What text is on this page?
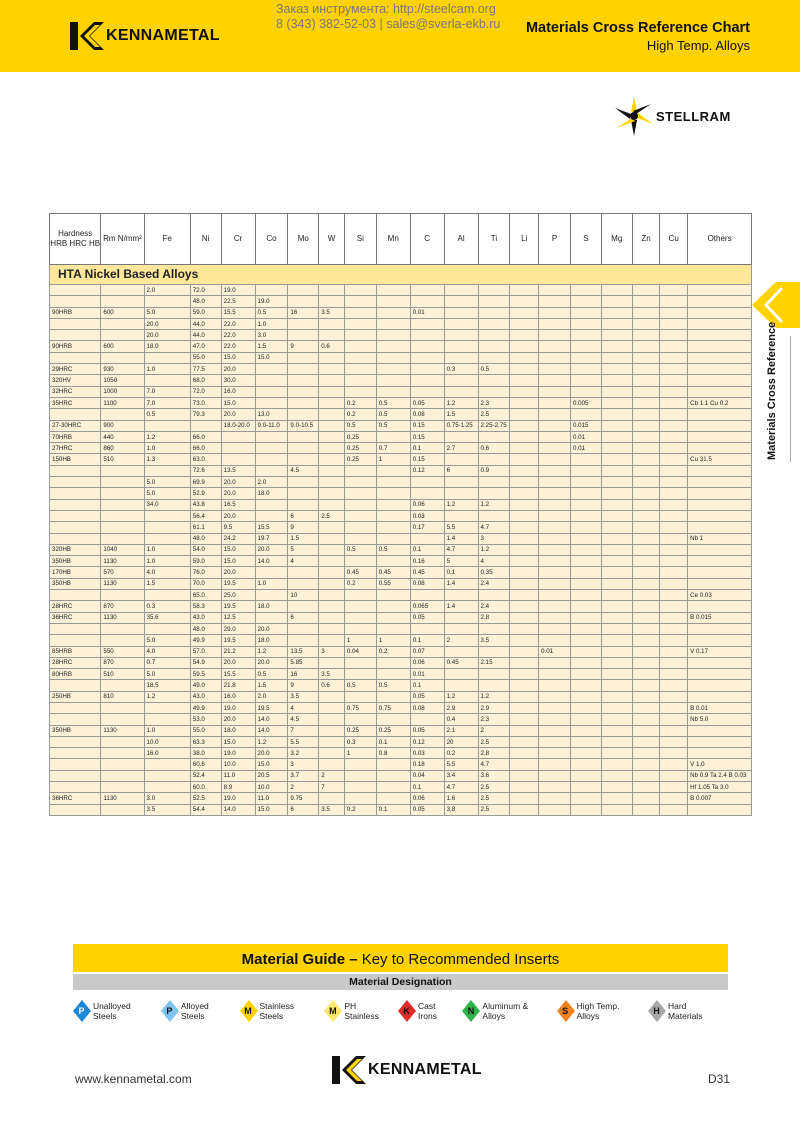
KENNAMETAL
Заказ инструмента: http://steelcam.org
8 (343) 382-52-03 | sales@sverla-ekb.ru Materials Cross Reference Chart
High Temp. Alloys
STELLRAM
Materials Cross Reference
Hardness HRB HRC HB	Rm N/mm²	Fe	Ni	Cr	Co	Mo	W	Si	Mn	C	Al	Ti	Li	P	S	Mg	Zn	Cu	Others
HTA Nickel Based Alloys																			
		2.0	72.0	19.0															
			48.0	22.5	19.0														
90HRB	600	5.0	59.0	15.5	0.5	16	3.5			0.01									
		20.0	44.0	22.0	1.0														
		20.0	44.0	22.0	3.0														
90HRB	600	18.0	47.0	22.0	1.5	9	0.6												
			55.0	15.0	15.0														
29HRC	930	1.0	77.5	20.0							0.3	0.5							
320HV	1050		68.0	30.0															
32HRC	1000	7.0	72.0	16.0															
35HRC	1100	7.0	73.0	15.0				0.2	0.5	0.05	1.2	2.3			0.005				Cb 1.1 Cu 0.2
		0.5	79.3	20.0	13.0			0.2	0.5	0.08	1.5	2.5							
27-30HRC	900			18.0-20.0	9.0-11.0	9.0-10.5		0.5	0.5	0.15	0.75-1.25	2.25-2.75			0.015				
70HRB	440	1.2	66.0					0.25		0.15					0.01				
27HRC	860	1.0	66.0					0.25	0.7	0.1	2.7	0.6			0.01				
150HB	510	1.3	63.0					0.25	1	0.15									Cu 31.5
			72.6	13.5		4.5				0.12	6	0.9							
		5.0	69.9	20.0	2.0														
		5.0	52.9	20.0	18.0														
		34.0	43.8	16.5						0.06	1.2	1.2							
			56.4	20.0		6	2.5			0.03									
			61.1	9.5	15.5	9				0.17	5.5	4.7							
			48.0	24.2	19.7	1.5					1.4	3							Nb 1
320HB	1040	1.0	54.0	15.0	20.0	5		0.5	0.5	0.1	4.7	1.2							
350HB	1130	1.0	59.0	15.0	14.0	4				0.16	5	4							
170HB	570	4.0	76.0	20.0				0.45	0.45	0.45	0.1	0.35							
350HB	1130	1.5	70.0	19.5	1.0			0.2	0.55	0.08	1.4	2.4							
			65.0	25.0		10													Ce 0.03
28HRC	870	0.3	58.3	19.5	18.0					0.065	1.4	2.4							
36HRC	1130	35.6	43.0	12.5		6				0.05		2.8							B 0.015
			48.0	29.0	20.0														
		5.0	49.9	19.5	18.0			1	1	0.1	2	3.5							
85HRB	550	4.0	57.0	21.2	1.2	13.5	3	0.04	0.2	0.07				0.01					V 0.17
28HRC	870	0.7	54.9	20.0	20.0	5.85				0.06	0.45	2.15							
80HRB	510	5.0	59.5	15.5	0.5	16	3.5			0.01									
		18.5	49.0	21.8	1.5	9	0.6	0.5	0.5	0.1									
250HB	810	1.2	43.0	16.0	2.0	3.5				0.05	1.2	1.2							
			49.9	19.0	19.5	4		0.75	0.75	0.08	2.9	2.9							B 0.01
			53.0	20.0	14.0	4.5					0.4	2.3							Nb 5.0
350HB	1130	1.0	55.0	18.0	14.0	7		0.25	0.25	0.05	2.1	2							
		10.0	63.3	15.0	1.2	5.5		0.3	0.1	0.12	20	2.5							
		16.0	38.0	19.0	20.0	3.2		1	0.8	0.03	0.2	2.8							
			60.6	10.0	15.0	3				0.18	5.5	4.7							V 1.0
			52.4	11.0	20.5	3.7	2			0.04	3.4	3.6							Nb 0.9 Ta 2.4 B 0.03
			60.0	8.9	10.0	2	7			0.1	4.7	2.5							Hf 1.05 Ta 3.0
36HRC	1130	3.0	52.5	19.0	11.0	9.75				0.06	1.6	2.5							B 0.007
		3.5	54.4	14.0	15.0	6	3.5	0.2	0.1	0.05	3.8	2.5							
Material Guide – Key to Recommended Inserts
Material Designation
P Unalloyed Steels	P Alloyed Steels	M Stainless Steels	M PH Stainless	K Cast Irons	N Aluminum & Alloys	S High Temp. Alloys	H Hard Materials
www.kennametal.com
KENNAMETAL
D31
